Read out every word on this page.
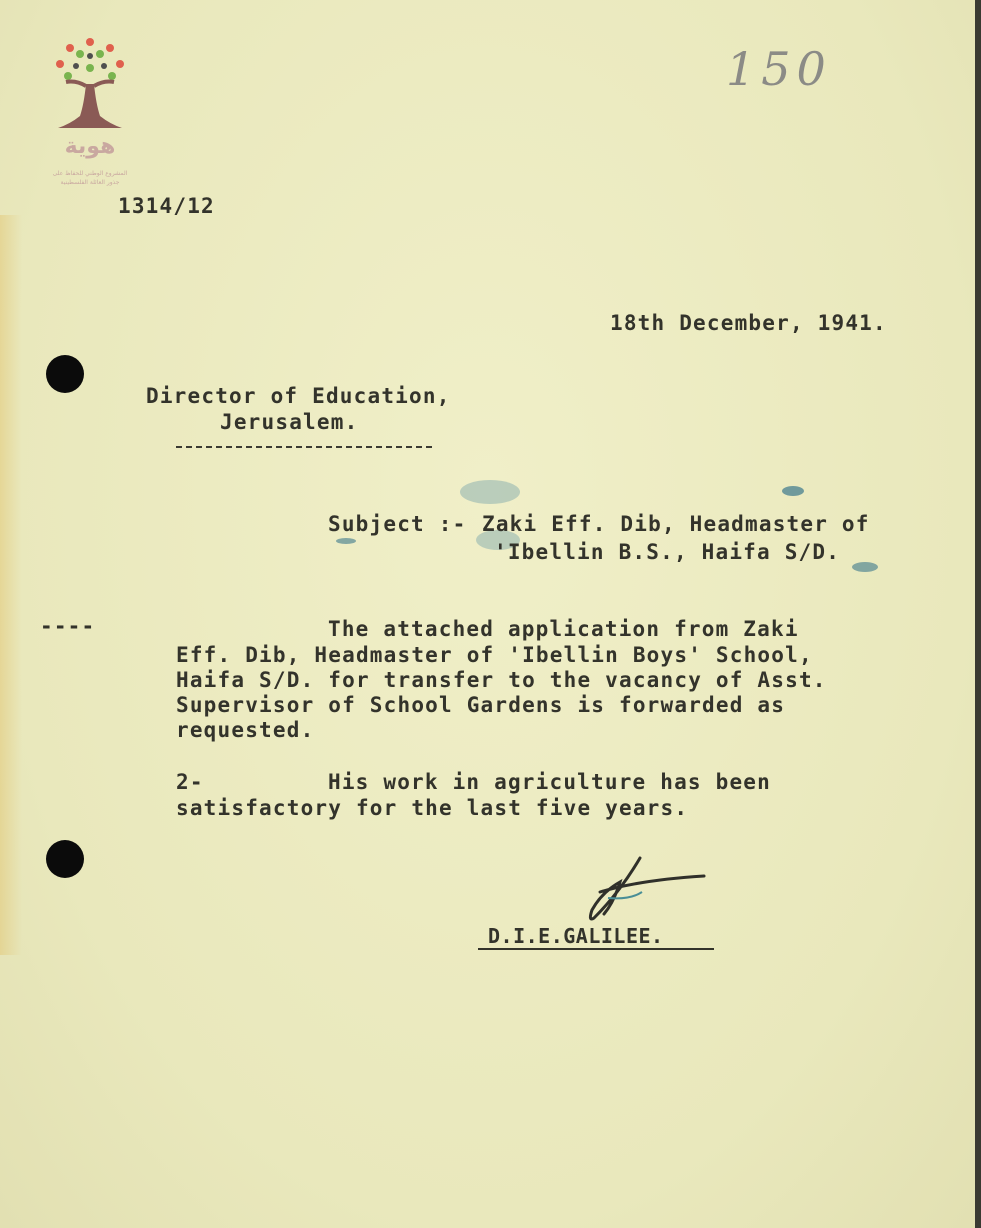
هوية
المشروع الوطني للحفاظ على
جذور العائلة الفلسطينية
150
1314/12
18th December, 1941.
Director of Education,
Jerusalem.
Subject :- Zaki Eff. Dib, Headmaster of
'Ibellin B.S., Haifa S/D.
----	The attached application from Zaki
Eff. Dib, Headmaster of 'Ibellin Boys' School,
Haifa S/D. for transfer to the vacancy of Asst.
Supervisor of School Gardens is forwarded as
requested.
2-	His work in agriculture has been
satisfactory for the last five years.
D.I.E.GALILEE.
